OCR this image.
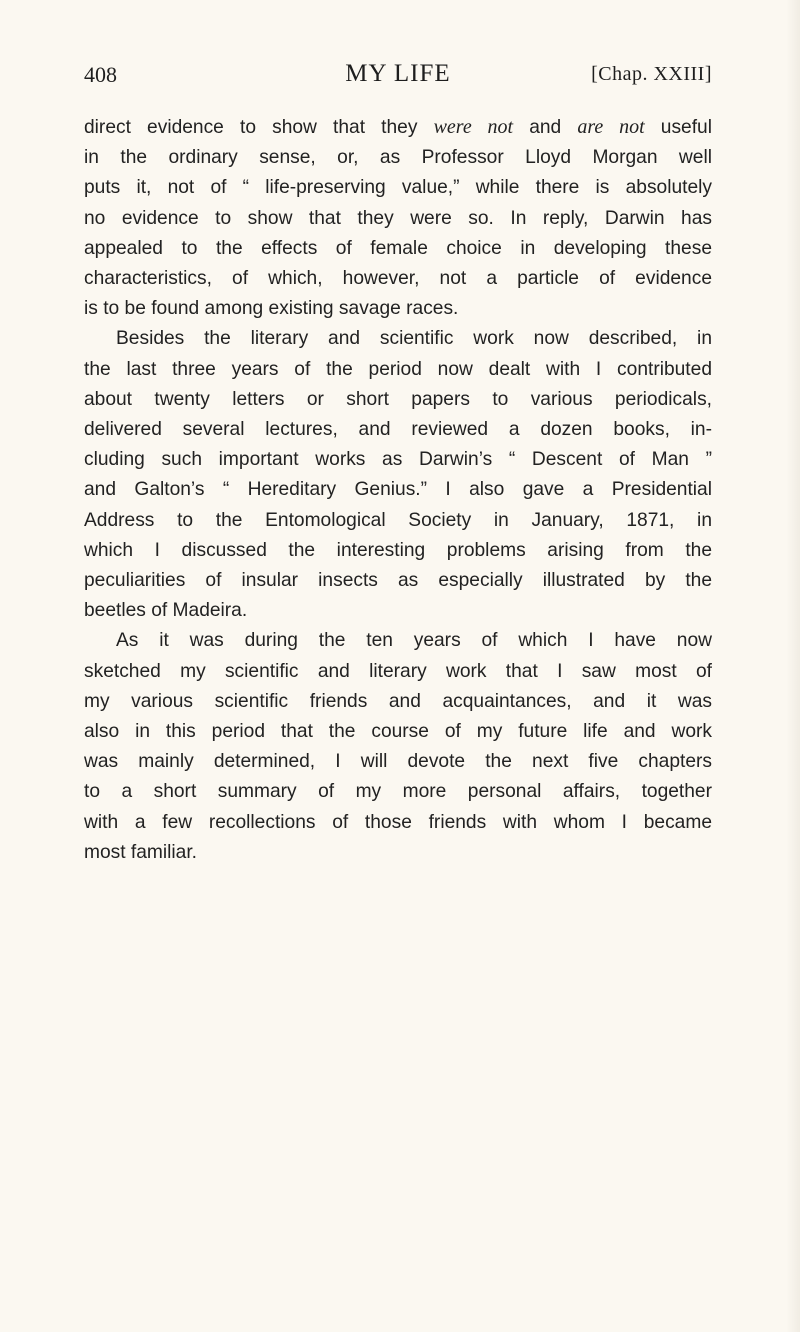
408	MY LIFE	[Chap. XXIII]
direct evidence to show that they were not and are not useful
in the ordinary sense, or, as Professor Lloyd Morgan well
puts it, not of “ life-preserving value,” while there is absolutely
no evidence to show that they were so. In reply, Darwin has
appealed to the effects of female choice in developing these
characteristics, of which, however, not a particle of evidence
is to be found among existing savage races.
Besides the literary and scientific work now described, in
the last three years of the period now dealt with I contributed
about twenty letters or short papers to various periodicals,
delivered several lectures, and reviewed a dozen books, in-
cluding such important works as Darwin’s “ Descent of Man ”
and Galton’s “ Hereditary Genius.” I also gave a Presidential
Address to the Entomological Society in January, 1871, in
which I discussed the interesting problems arising from the
peculiarities of insular insects as especially illustrated by the
beetles of Madeira.
As it was during the ten years of which I have now
sketched my scientific and literary work that I saw most of
my various scientific friends and acquaintances, and it was
also in this period that the course of my future life and work
was mainly determined, I will devote the next five chapters
to a short summary of my more personal affairs, together
with a few recollections of those friends with whom I became
most familiar.
